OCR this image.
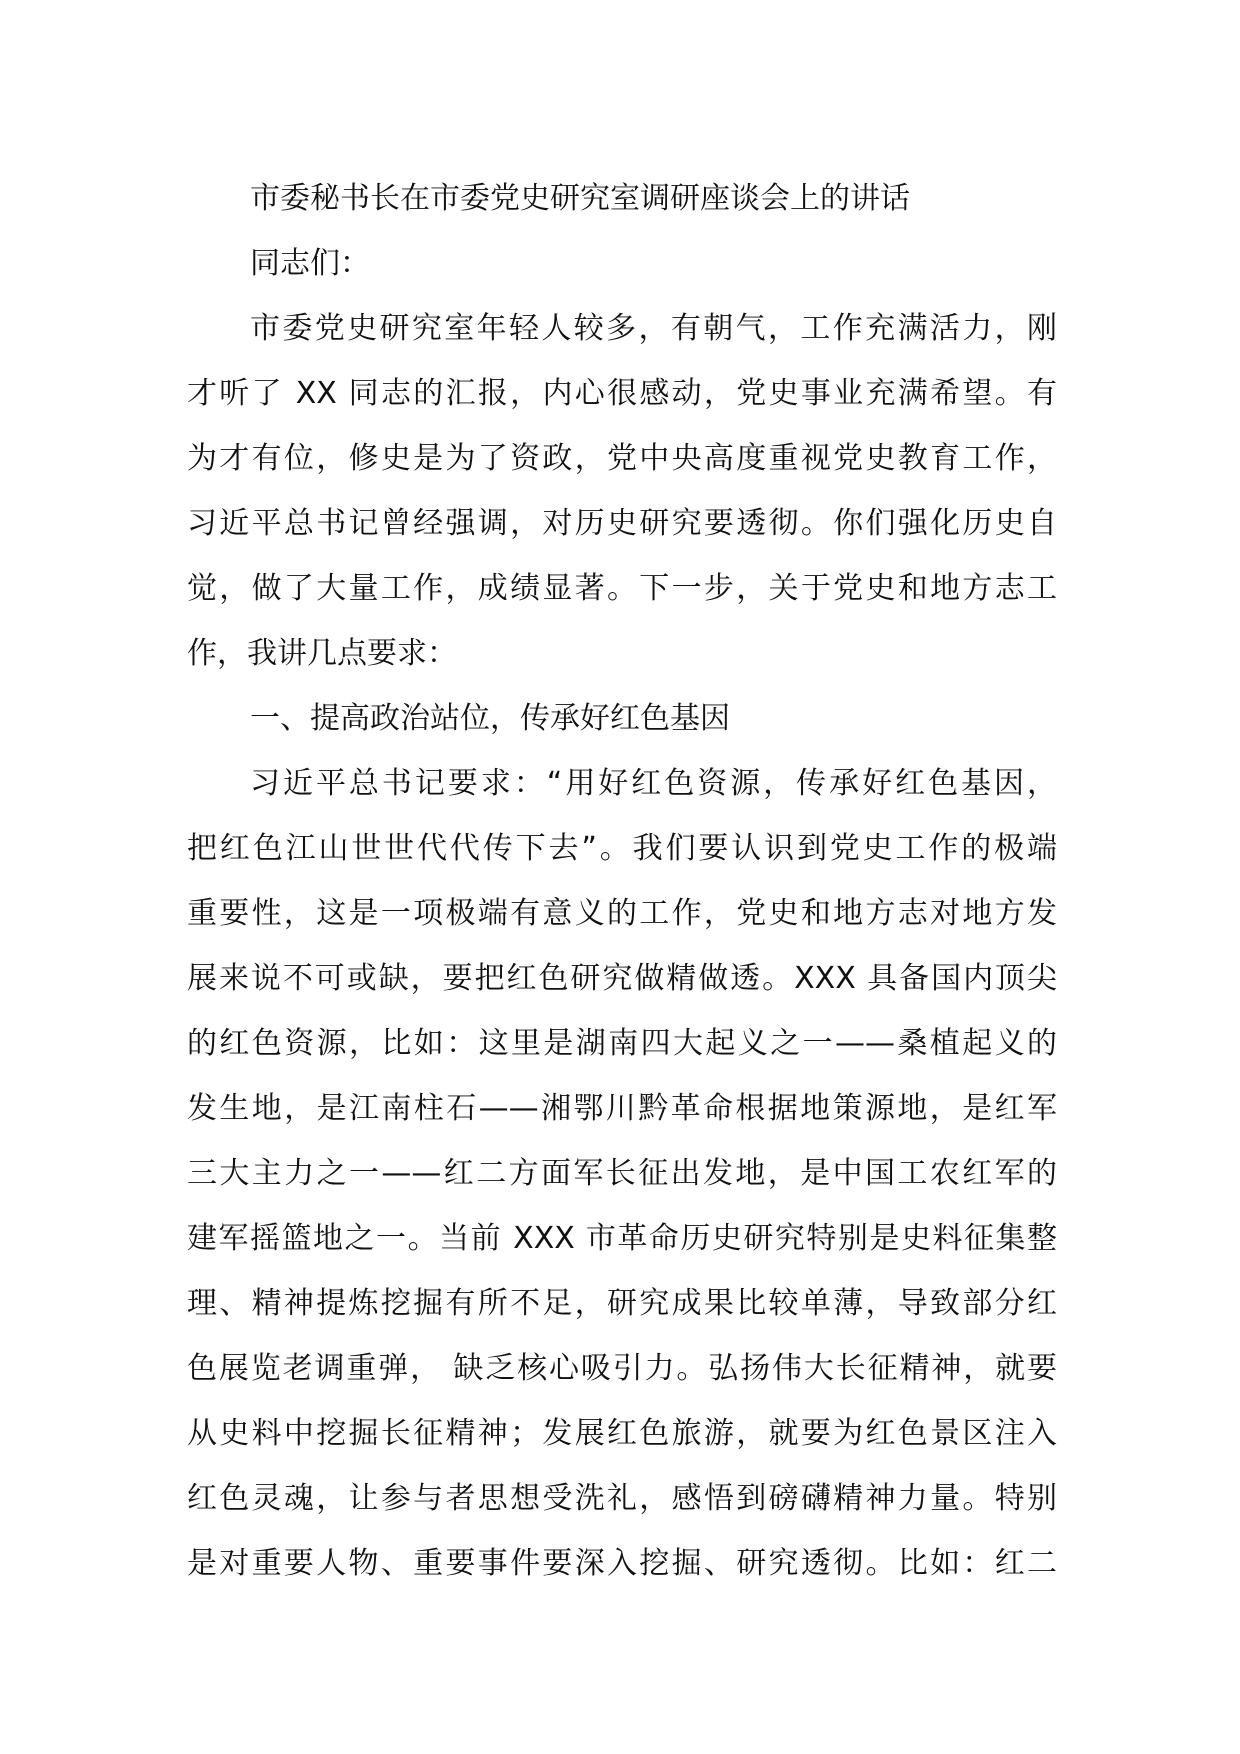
市委秘书长在市委党史研究室调研座谈会上的讲话
同志们：
市委党史研究室年轻人较多，有朝气，工作充满活力，刚
才听了 XX 同志的汇报，内心很感动，党史事业充满希望。有
为才有位，修史是为了资政，党中央高度重视党史教育工作，
习近平总书记曾经强调，对历史研究要透彻。你们强化历史自
觉，做了大量工作，成绩显著。下一步，关于党史和地方志工
作，我讲几点要求：
一、提高政治站位，传承好红色基因
习近平总书记要求：“用好红色资源，传承好红色基因，
把红色江山世世代代传下去”。我们要认识到党史工作的极端
重要性，这是一项极端有意义的工作，党史和地方志对地方发
展来说不可或缺，要把红色研究做精做透。XXX 具备国内顶尖
的红色资源，比如：这里是湖南四大起义之一——桑植起义的
发生地，是江南柱石——湘鄂川黔革命根据地策源地，是红军
三大主力之一——红二方面军长征出发地，是中国工农红军的
建军摇篮地之一。当前 XXX 市革命历史研究特别是史料征集整
理、精神提炼挖掘有所不足，研究成果比较单薄，导致部分红
色展览老调重弹， 缺乏核心吸引力。弘扬伟大长征精神，就要
从史料中挖掘长征精神；发展红色旅游，就要为红色景区注入
红色灵魂，让参与者思想受洗礼，感悟到磅礴精神力量。特别
是对重要人物、重要事件要深入挖掘、研究透彻。比如：红二
